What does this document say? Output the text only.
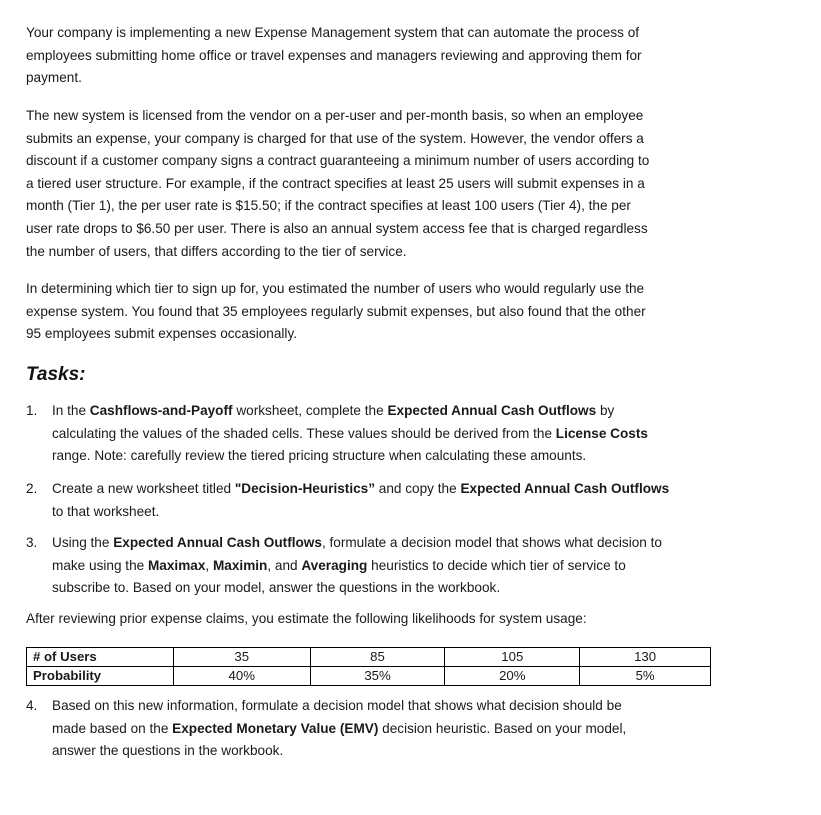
Your company is implementing a new Expense Management system that can automate the process of
employees submitting home office or travel expenses and managers reviewing and approving them for
payment.
The new system is licensed from the vendor on a per-user and per-month basis, so when an employee
submits an expense, your company is charged for that use of the system. However, the vendor offers a
discount if a customer company signs a contract guaranteeing a minimum number of users according to
a tiered user structure. For example, if the contract specifies at least 25 users will submit expenses in a
month (Tier 1), the per user rate is $15.50; if the contract specifies at least 100 users (Tier 4), the per
user rate drops to $6.50 per user. There is also an annual system access fee that is charged regardless
the number of users, that differs according to the tier of service.
In determining which tier to sign up for, you estimated the number of users who would regularly use the
expense system. You found that 35 employees regularly submit expenses, but also found that the other
95 employees submit expenses occasionally.
Tasks:
1. In the Cashflows-and-Payoff worksheet, complete the Expected Annual Cash Outflows by
calculating the values of the shaded cells. These values should be derived from the License Costs
range. Note: carefully review the tiered pricing structure when calculating these amounts.
2. Create a new worksheet titled "Decision-Heuristics” and copy the Expected Annual Cash Outflows
to that worksheet.
3. Using the Expected Annual Cash Outflows, formulate a decision model that shows what decision to
make using the Maximax, Maximin, and Averaging heuristics to decide which tier of service to
subscribe to. Based on your model, answer the questions in the workbook.
After reviewing prior expense claims, you estimate the following likelihoods for system usage:
# of Users	35	85	105	130
Probability	40%	35%	20%	5%
4. Based on this new information, formulate a decision model that shows what decision should be
made based on the Expected Monetary Value (EMV) decision heuristic. Based on your model,
answer the questions in the workbook.
